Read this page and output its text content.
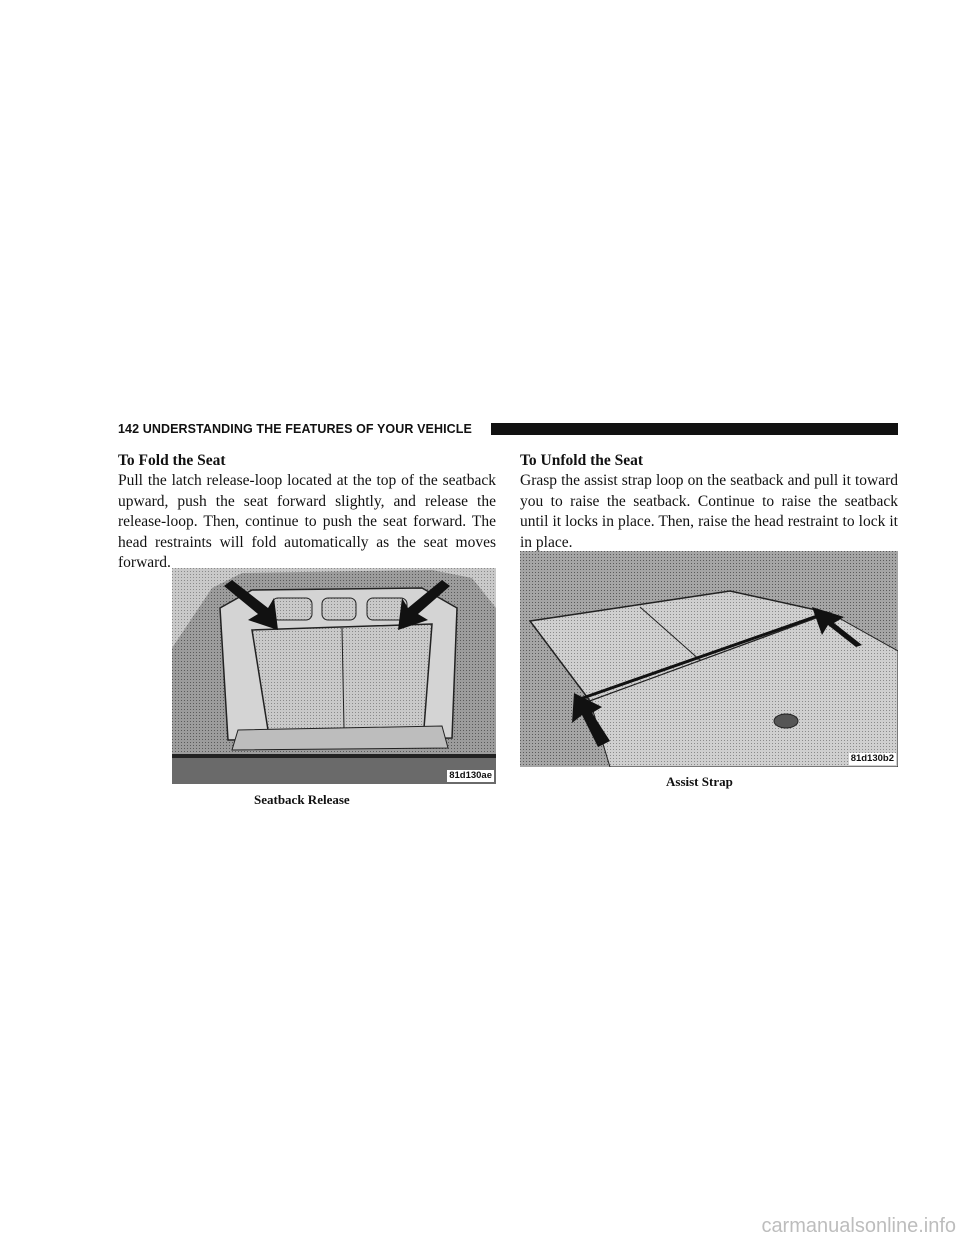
142 UNDERSTANDING THE FEATURES OF YOUR VEHICLE
To Fold the Seat

Pull the latch release-loop located at the top of the seatback upward, push the seat forward slightly, and release the release-loop. Then, continue to push the seat forward. The head restraints will fold automatically as the seat moves forward.

To Unfold the Seat

Grasp the assist strap loop on the seatback and pull it toward you to raise the seatback. Continue to raise the seatback until it locks in place. Then, raise the head restraint to lock it in place.

81d130ae
Seatback Release
81d130b2
Assist Strap
carmanualsonline.info
